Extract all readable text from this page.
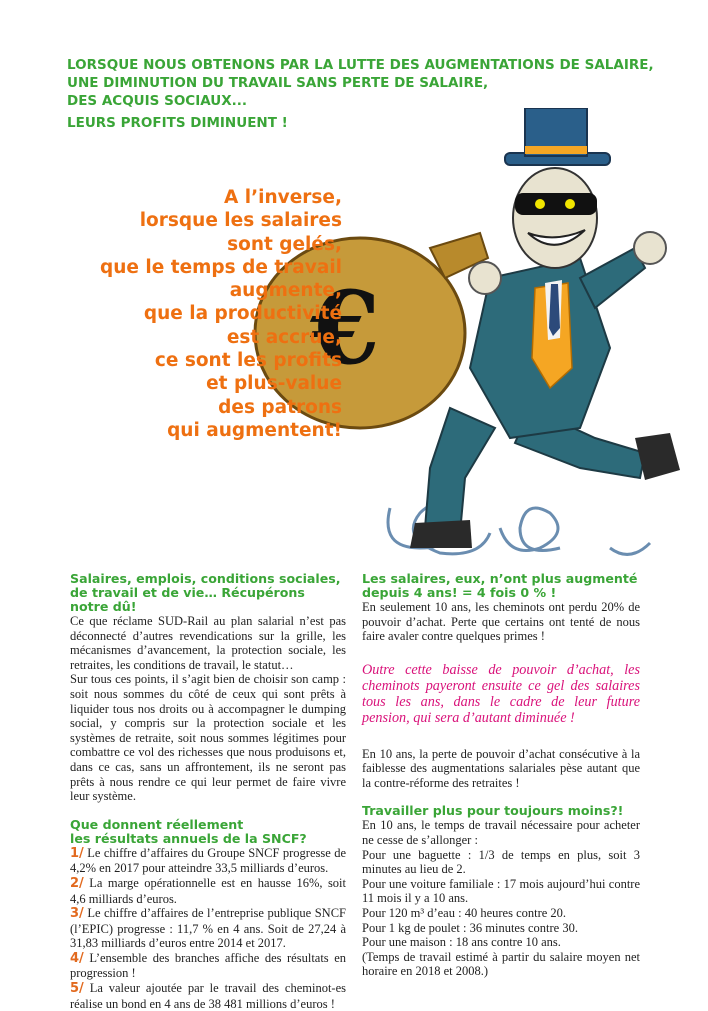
LORSQUE NOUS OBTENONS PAR LA LUTTE DES AUGMENTATIONS DE SALAIRE,
UNE DIMINUTION DU TRAVAIL SANS PERTE DE SALAIRE,
DES ACQUIS SOCIAUX...
LEURS PROFITS DIMINUENT !
€
A l’inverse,
lorsque les salaires
sont gelés,
que le temps de travail
augmente,
que la productivité
est accrue,
ce sont les profits
et plus-value
des patrons
qui augmentent!
Salaires, emplois, conditions sociales,
de travail et de vie… Récupérons notre dû!

Ce que réclame SUD-Rail au plan salarial n’est pas déconnecté d’autres revendications sur la grille, les mécanismes d’avancement, la protection sociale, les retraites, les conditions de travail, le statut…

Sur tous ces points, il s’agit bien de choisir son camp : soit nous sommes du côté de ceux qui sont prêts à liquider tous nos droits ou à accompagner le dumping social, y compris sur la protection sociale et les systèmes de retraite, soit nous sommes légitimes pour combattre ce vol des richesses que nous produisons et, dans ce cas, sans un affrontement, ils ne seront pas prêts à nous rendre ce qui leur permet de faire vivre leur système.

Que donnent réellement
les résultats annuels de la SNCF?

1/ Le chiffre d’affaires du Groupe SNCF progresse de 4,2% en 2017 pour atteindre 33,5 milliards d’euros.

2/ La marge opérationnelle est en hausse 16%, soit 4,6 milliards d’euros.

3/ Le chiffre d’affaires de l’entreprise publique SNCF (l’EPIC) progresse : 11,7 % en 4 ans. Soit de 27,24 à 31,83 milliards d’euros entre 2014 et 2017.

4/ L’ensemble des branches affiche des résultats en progression !

5/ La valeur ajoutée par le travail des cheminot-es réalise un bond en 4 ans de 38 481 millions d’euros !

Les salaires, eux, n’ont plus augmenté
depuis 4 ans! = 4 fois 0 % !

En seulement 10 ans, les cheminots ont perdu 20% de pouvoir d’achat. Perte que certains ont tenté de nous faire avaler contre quelques primes !

Outre cette baisse de pouvoir d’achat, les cheminots payeront ensuite ce gel des salaires tous les ans, dans le cadre de leur future pension, qui sera d’autant diminuée !

En 10 ans, la perte de pouvoir d’achat consécutive à la faiblesse des augmentations salariales pèse autant que la contre-réforme des retraites !

Travailler plus pour toujours moins?!

En 10 ans, le temps de travail nécessaire pour acheter ne cesse de s’allonger :

Pour une baguette : 1/3 de temps en plus, soit 3 minutes au lieu de 2.

Pour une voiture familiale : 17 mois aujourd’hui contre 11 mois il y a 10 ans.

Pour 120 m³ d’eau : 40 heures contre 20.

Pour 1 kg de poulet : 36 minutes contre 30.

Pour une maison : 18 ans contre 10 ans.

(Temps de travail estimé à partir du salaire moyen net horaire en 2018 et 2008.)
